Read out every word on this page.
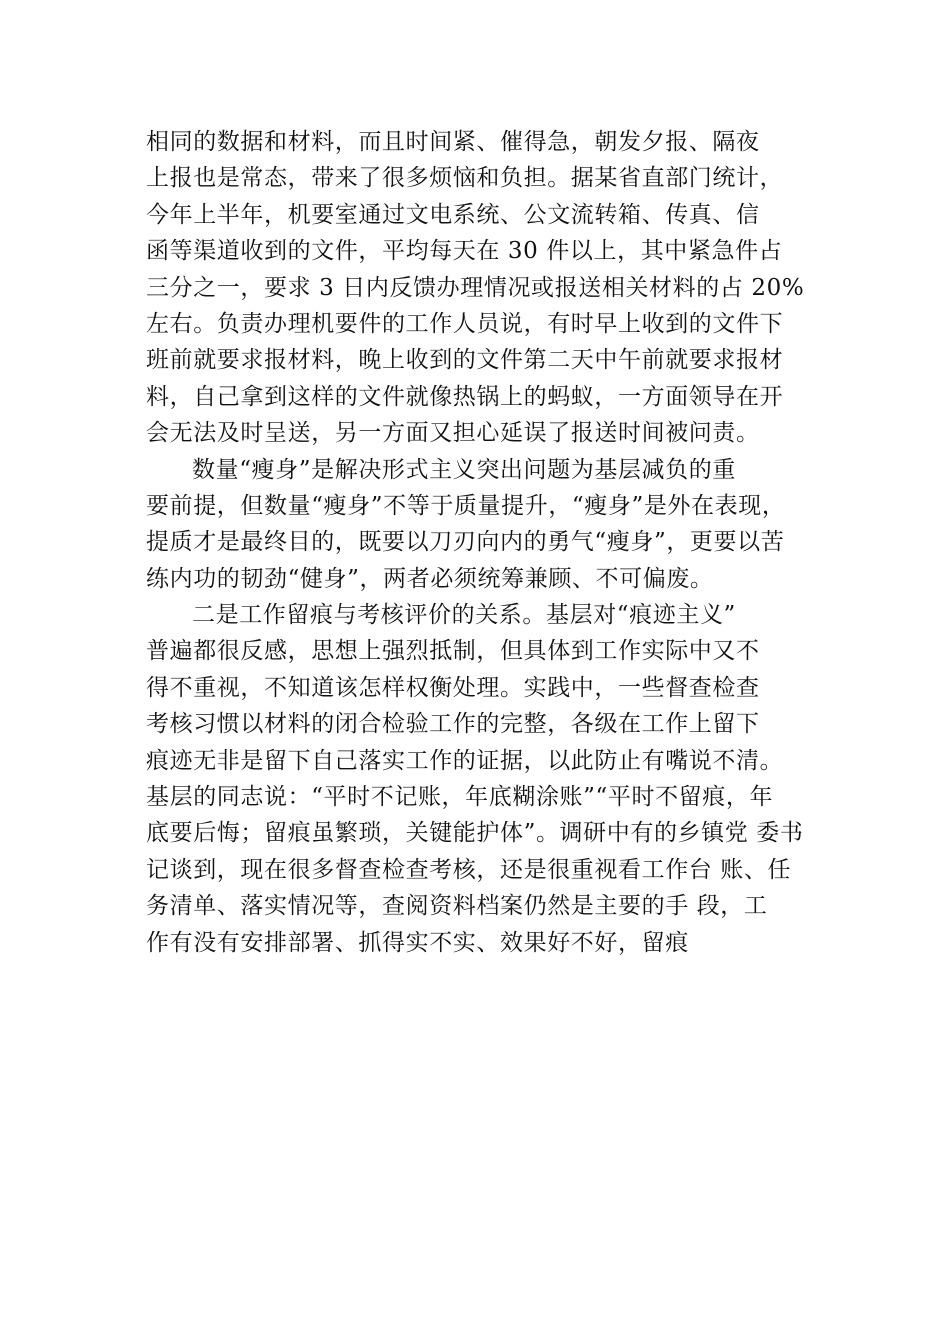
相同的数据和材料，而且时间紧、催得急，朝发夕报、隔夜
上报也是常态，带来了很多烦恼和负担。据某省直部门统计，
今年上半年，机要室通过文电系统、公文流转箱、传真、信
函等渠道收到的文件，平均每天在 30 件以上，其中紧急件占
三分之一，要求 3 日内反馈办理情况或报送相关材料的占 20%
左右。负责办理机要件的工作人员说，有时早上收到的文件下
班前就要求报材料，晚上收到的文件第二天中午前就要求报材
料，自己拿到这样的文件就像热锅上的蚂蚁，一方面领导在开
会无法及时呈送，另一方面又担心延误了报送时间被问责。
数量“瘦身”是解决形式主义突出问题为基层减负的重
要前提，但数量“瘦身”不等于质量提升，“瘦身”是外在表现，
提质才是最终目的，既要以刀刃向内的勇气“瘦身”，更要以苦
练内功的韧劲“健身”，两者必须统筹兼顾、不可偏废。
二是工作留痕与考核评价的关系。基层对“痕迹主义”
普遍都很反感，思想上强烈抵制，但具体到工作实际中又不
得不重视，不知道该怎样权衡处理。实践中，一些督查检查
考核习惯以材料的闭合检验工作的完整，各级在工作上留下
痕迹无非是留下自己落实工作的证据，以此防止有嘴说不清。
基层的同志说：“平时不记账，年底糊涂账”“平时不留痕，年
底要后悔；留痕虽繁琐，关键能护体”。调研中有的乡镇党 委书
记谈到，现在很多督查检查考核，还是很重视看工作台 账、任
务清单、落实情况等，查阅资料档案仍然是主要的手 段，工
作有没有安排部署、抓得实不实、效果好不好，留痕
